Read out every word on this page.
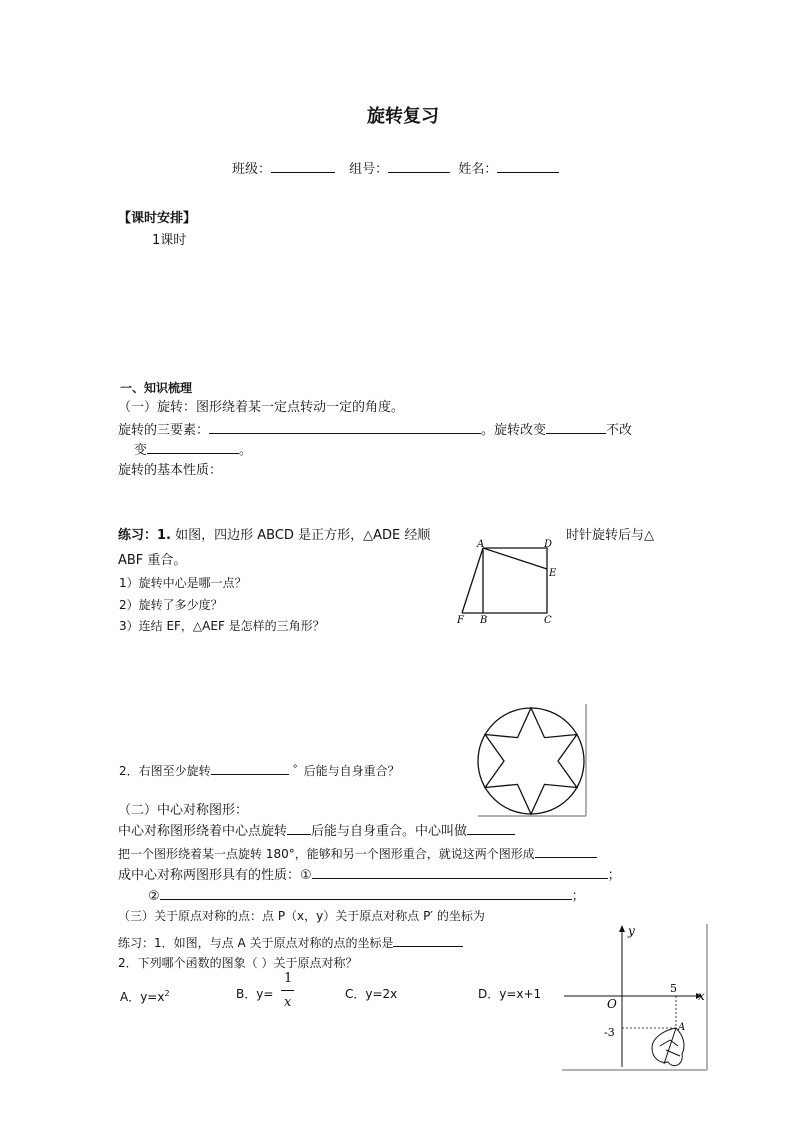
旋转复习
班级：	组号：	姓名：
【课时安排】
1课时
一、知识梳理
（一）旋转：图形绕着某一定点转动一定的角度。
旋转的三要素：	。旋转改变	不改
变	。
旋转的基本性质：
练习：1. 如图，四边形 ABCD 是正方形，△ADE 经顺	时针旋转后与△
ABF 重合。
1）旋转中心是哪一点？
2）旋转了多少度？
3）连结 EF，△AEF 是怎样的三角形？
A	D
E
F B	C
2．右图至少旋转	° 后能与自身重合？
（二）中心对称图形：
中心对称图形绕着中心点旋转 后能与自身重合。中心叫做
把一个图形绕着某一点旋转 180°，能够和另一个图形重合，就说这两个图形成
成中心对称两图形具有的性质：①	；
②	；
（三）关于原点对称的点：点 P（x，y）关于原点对称点 P′ 的坐标为
练习：1．如图，与点 A 关于原点对称的点的坐标是
2．下列哪个函数的图象（ ）关于原点对称？
A．$y=x^2$	B．y=
1
x
C．y=2x	D．y=x+1
y
x
O
5
-3	A
